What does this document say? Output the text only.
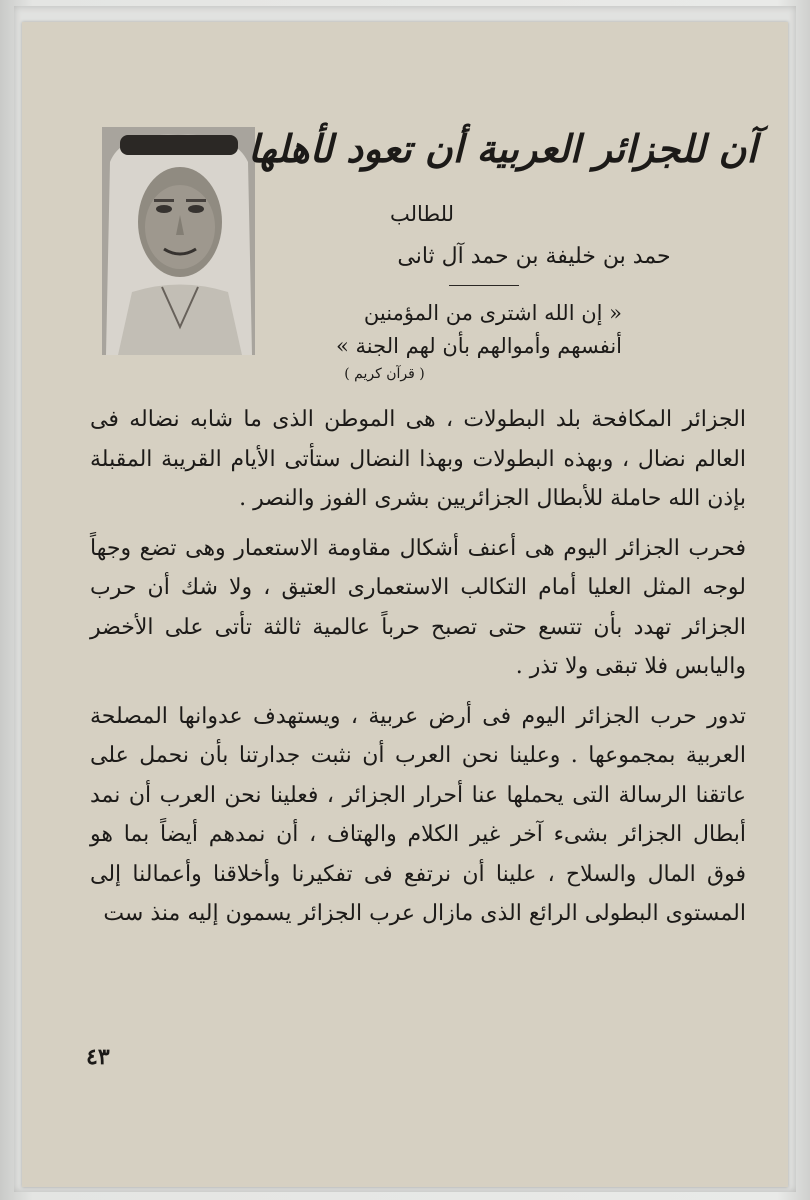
آن للجزائر العربية أن تعود لأهلها
للطالب
حمد بن خليفة بن حمد آل ثانى
« إن الله اشترى من المؤمنين
أنفسهم وأموالهم بأن لهم الجنة »
( قرآن كريم )

الجزائر المكافحة بلد البطولات ، هى الموطن الذى ما شابه نضاله فى العالم نضال ، وبهذه البطولات وبهذا النضال ستأتى الأيام القريبة المقبلة بإذن الله حاملة للأبطال الجزائريين بشرى الفوز والنصر .

فحرب الجزائر اليوم هى أعنف أشكال مقاومة الاستعمار وهى تضع وجهاً لوجه المثل العليا أمام التكالب الاستعمارى العتيق ، ولا شك أن حرب الجزائر تهدد بأن تتسع حتى تصبح حرباً عالمية ثالثة تأتى على الأخضر واليابس فلا تبقى ولا تذر .

تدور حرب الجزائر اليوم فى أرض عربية ، ويستهدف عدوانها المصلحة العربية بمجموعها . وعلينا نحن العرب أن نثبت جدارتنا بأن نحمل على عاتقنا الرسالة التى يحملها عنا أحرار الجزائر ، فعلينا نحن العرب أن نمد أبطال الجزائر بشىء آخر غير الكلام والهتاف ، أن نمدهم أيضاً بما هو فوق المال والسلاح ، علينا أن نرتفع فى تفكيرنا وأخلاقنا وأعمالنا إلى المستوى البطولى الرائع الذى مازال عرب الجزائر يسمون إليه منذ ست

٤٣
